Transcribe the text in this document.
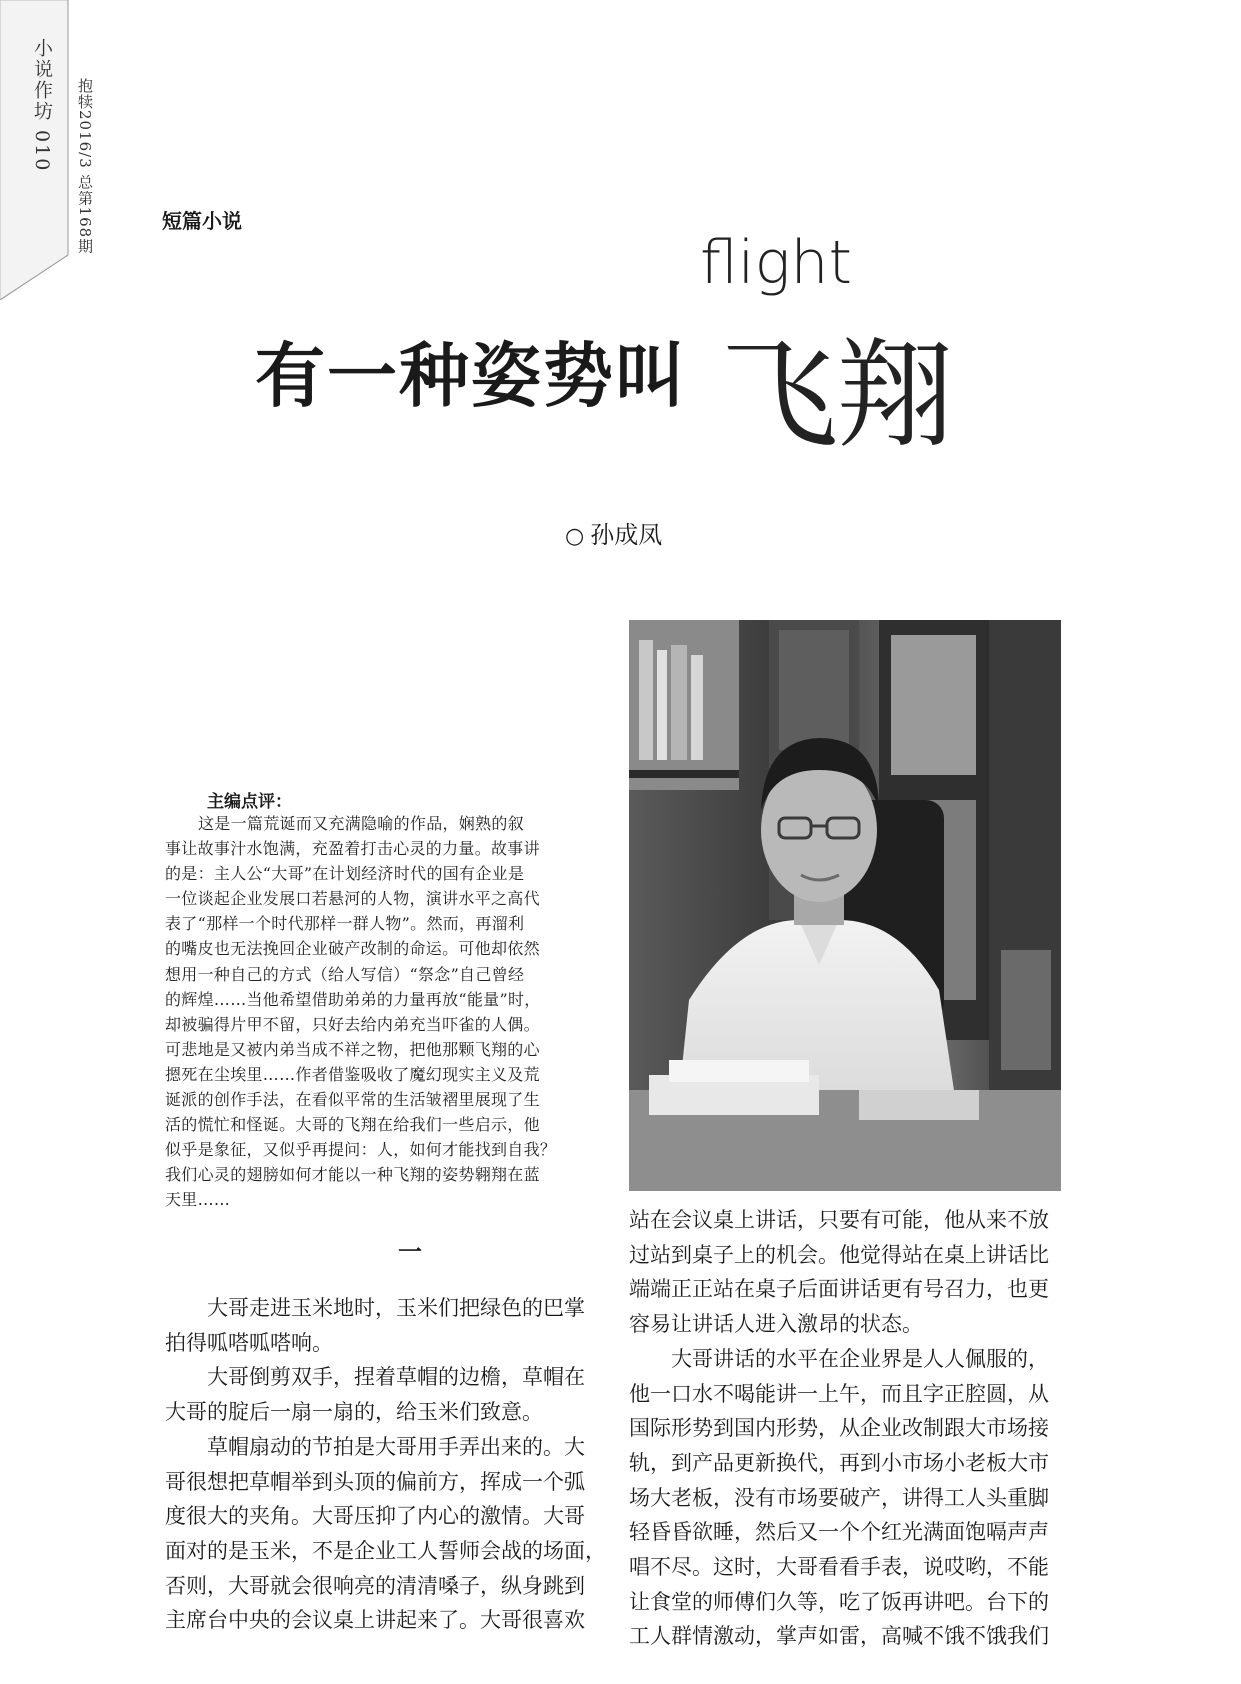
小说作坊 010 抱犊2016/3 总第168期	短篇小说
flight
有一种姿势叫 飞翔
○ 孙成凤
主编点评：
这是一篇荒诞而又充满隐喻的作品，娴熟的叙
事让故事汁水饱满，充盈着打击心灵的力量。故事讲
的是：主人公“大哥”在计划经济时代的国有企业是
一位谈起企业发展口若悬河的人物，演讲水平之高代
表了“那样一个时代那样一群人物”。然而，再溜利
的嘴皮也无法挽回企业破产改制的命运。可他却依然
想用一种自己的方式（给人写信）“祭念”自己曾经
的辉煌……当他希望借助弟弟的力量再放“能量”时，
却被骗得片甲不留，只好去给内弟充当吓雀的人偶。
可悲地是又被内弟当成不祥之物，把他那颗飞翔的心
摁死在尘埃里……作者借鉴吸收了魔幻现实主义及荒
诞派的创作手法，在看似平常的生活皱褶里展现了生
活的慌忙和怪诞。大哥的飞翔在给我们一些启示，他
似乎是象征，又似乎再提问：人，如何才能找到自我？
我们心灵的翅膀如何才能以一种飞翔的姿势翱翔在蓝
天里……
一
大哥走进玉米地时，玉米们把绿色的巴掌
拍得呱嗒呱嗒响。
大哥倒剪双手，捏着草帽的边檐，草帽在
大哥的腚后一扇一扇的，给玉米们致意。
草帽扇动的节拍是大哥用手弄出来的。大
哥很想把草帽举到头顶的偏前方，挥成一个弧
度很大的夹角。大哥压抑了内心的激情。大哥
面对的是玉米，不是企业工人誓师会战的场面，
否则，大哥就会很响亮的清清嗓子，纵身跳到
主席台中央的会议桌上讲起来了。大哥很喜欢
站在会议桌上讲话，只要有可能，他从来不放
过站到桌子上的机会。他觉得站在桌上讲话比
端端正正站在桌子后面讲话更有号召力，也更
容易让讲话人进入激昂的状态。
大哥讲话的水平在企业界是人人佩服的，
他一口水不喝能讲一上午，而且字正腔圆，从
国际形势到国内形势，从企业改制跟大市场接
轨，到产品更新换代，再到小市场小老板大市
场大老板，没有市场要破产，讲得工人头重脚
轻昏昏欲睡，然后又一个个红光满面饱嗝声声
唱不尽。这时，大哥看看手表，说哎哟，不能
让食堂的师傅们久等，吃了饭再讲吧。台下的
工人群情激动，掌声如雷，高喊不饿不饿我们
